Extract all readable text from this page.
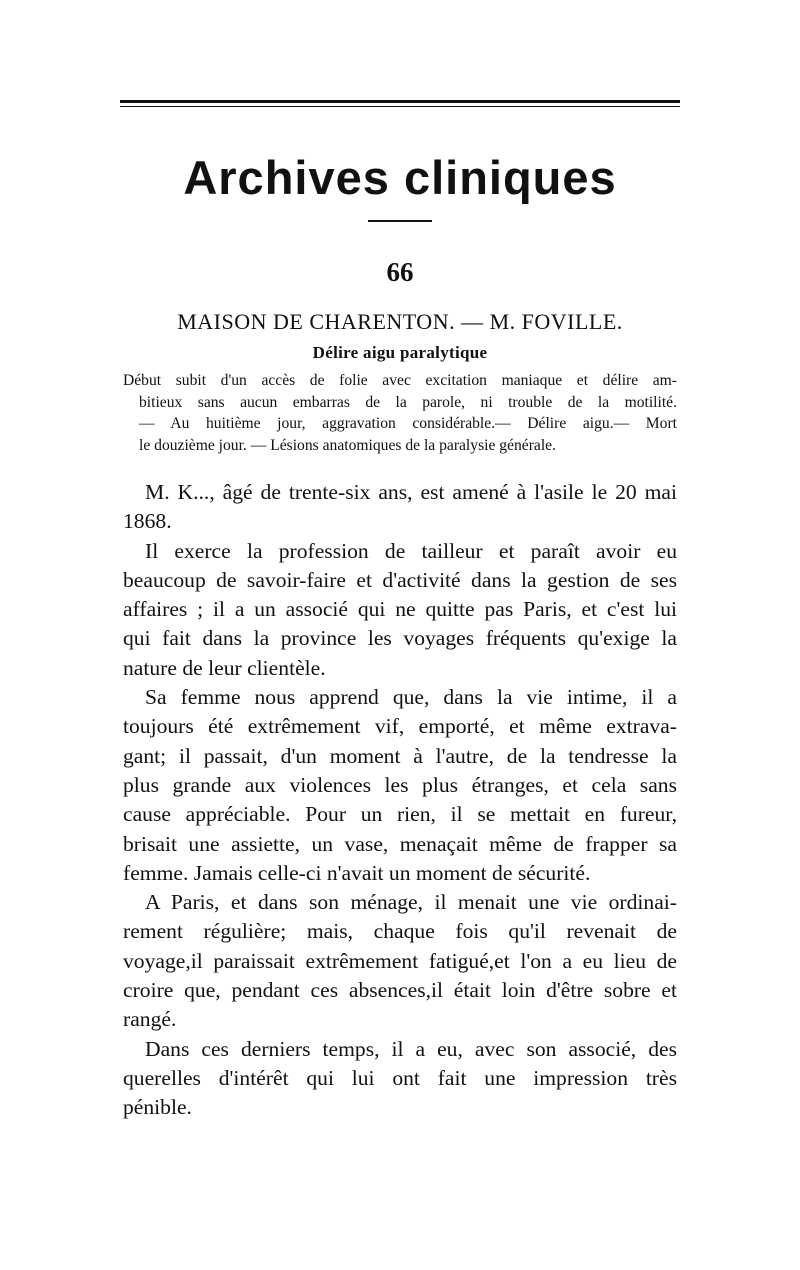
Archives cliniques
66
MAISON DE CHARENTON. — M. FOVILLE.
Délire aigu paralytique
Début subit d'un accès de folie avec excitation maniaque et délire am-
bitieux sans aucun embarras de la parole, ni trouble de la motilité.
— Au huitième jour, aggravation considérable.— Délire aigu.— Mort
le douzième jour. — Lésions anatomiques de la paralysie générale.
M. K..., âgé de trente-six ans, est amené à l'asile le 20 mai
1868.
Il exerce la profession de tailleur et paraît avoir eu
beaucoup de savoir-faire et d'activité dans la gestion de ses
affaires ; il a un associé qui ne quitte pas Paris, et c'est lui
qui fait dans la province les voyages fréquents qu'exige la
nature de leur clientèle.
Sa femme nous apprend que, dans la vie intime, il a
toujours été extrêmement vif, emporté, et même extrava-
gant; il passait, d'un moment à l'autre, de la tendresse la
plus grande aux violences les plus étranges, et cela sans
cause appréciable. Pour un rien, il se mettait en fureur,
brisait une assiette, un vase, menaçait même de frapper sa
femme. Jamais celle-ci n'avait un moment de sécurité.
A Paris, et dans son ménage, il menait une vie ordinai-
rement régulière; mais, chaque fois qu'il revenait de
voyage,il paraissait extrêmement fatigué,et l'on a eu lieu de
croire que, pendant ces absences,il était loin d'être sobre et
rangé.
Dans ces derniers temps, il a eu, avec son associé, des
querelles d'intérêt qui lui ont fait une impression très
pénible.
